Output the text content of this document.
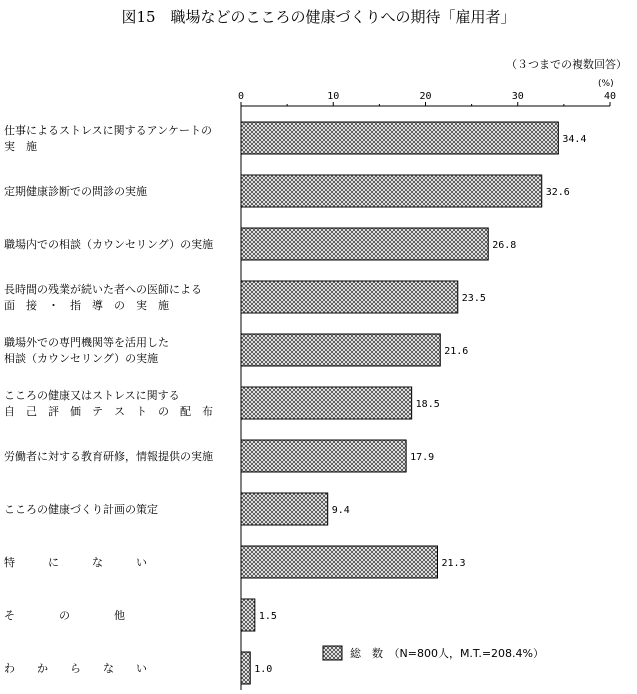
図15　職場などのこころの健康づくりへの期待「雇用者」
（３つまでの複数回答）
(%)
0	10	20	30	40
34.4
仕事によるストレスに関するアンケートの
実　施
32.6
定期健康診断での問診の実施
26.8
職場内での相談（カウンセリング）の実施
23.5
長時間の残業が続いた者への医師による
面　接　・　指　導　の　実　施
21.6
職場外での専門機関等を活用した
相談（カウンセリング）の実施
18.5
こころの健康又はストレスに関する
自　己　評　価　テ　ス　ト　の　配　布
17.9
労働者に対する教育研修，情報提供の実施
9.4
こころの健康づくり計画の策定
21.3
特　　　に　　　な　　　い
1.5
そ　　　　の　　　　他
1.0
わ　　か　　ら　　な　　い
総　数　（N=800人，M.T.=208.4%）
